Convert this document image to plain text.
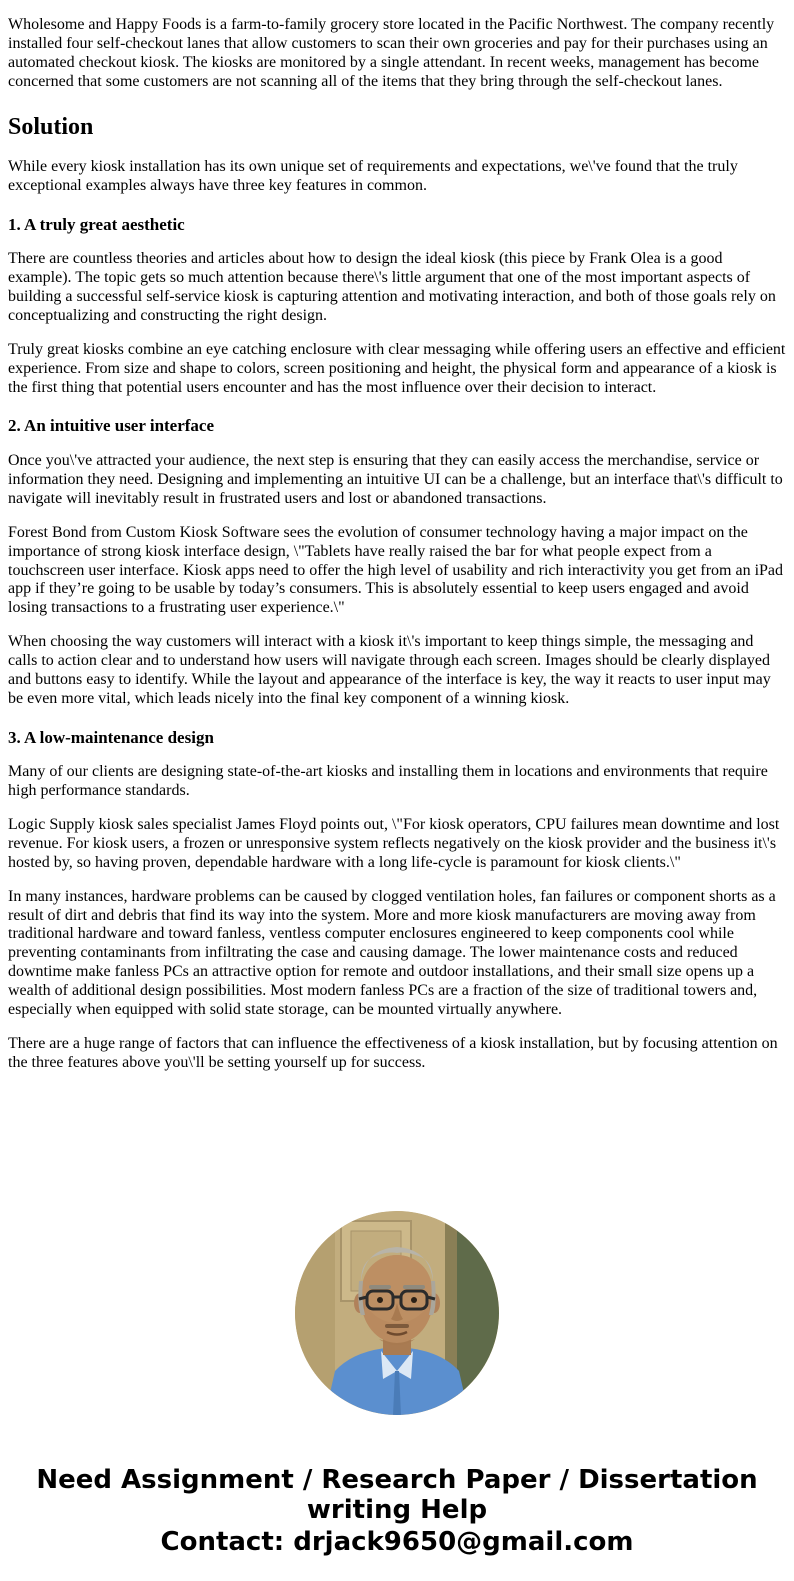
Wholesome and Happy Foods is a farm-to-family grocery store located in the Pacific Northwest. The company recently installed four self-checkout lanes that allow customers to scan their own groceries and pay for their purchases using an automated checkout kiosk. The kiosks are monitored by a single attendant. In recent weeks, management has become concerned that some customers are not scanning all of the items that they bring through the self-checkout lanes.

Solution

While every kiosk installation has its own unique set of requirements and expectations, we\'ve found that the truly exceptional examples always have three key features in common.

1. A truly great aesthetic

There are countless theories and articles about how to design the ideal kiosk (this piece by Frank Olea is a good example). The topic gets so much attention because there\'s little argument that one of the most important aspects of building a successful self-service kiosk is capturing attention and motivating interaction, and both of those goals rely on conceptualizing and constructing the right design.

Truly great kiosks combine an eye catching enclosure with clear messaging while offering users an effective and efficient experience. From size and shape to colors, screen positioning and height, the physical form and appearance of a kiosk is the first thing that potential users encounter and has the most influence over their decision to interact.

2. An intuitive user interface

Once you\'ve attracted your audience, the next step is ensuring that they can easily access the merchandise, service or information they need. Designing and implementing an intuitive UI can be a challenge, but an interface that\'s difficult to navigate will inevitably result in frustrated users and lost or abandoned transactions.

Forest Bond from Custom Kiosk Software sees the evolution of consumer technology having a major impact on the importance of strong kiosk interface design, \"Tablets have really raised the bar for what people expect from a touchscreen user interface. Kiosk apps need to offer the high level of usability and rich interactivity you get from an iPad app if they’re going to be usable by today’s consumers. This is absolutely essential to keep users engaged and avoid losing transactions to a frustrating user experience.\"

When choosing the way customers will interact with a kiosk it\'s important to keep things simple, the messaging and calls to action clear and to understand how users will navigate through each screen. Images should be clearly displayed and buttons easy to identify. While the layout and appearance of the interface is key, the way it reacts to user input may be even more vital, which leads nicely into the final key component of a winning kiosk.

3. A low-maintenance design

Many of our clients are designing state-of-the-art kiosks and installing them in locations and environments that require high performance standards.

Logic Supply kiosk sales specialist James Floyd points out, \"For kiosk operators, CPU failures mean downtime and lost revenue. For kiosk users, a frozen or unresponsive system reflects negatively on the kiosk provider and the business it\'s hosted by, so having proven, dependable hardware with a long life-cycle is paramount for kiosk clients.\"

In many instances, hardware problems can be caused by clogged ventilation holes, fan failures or component shorts as a result of dirt and debris that find its way into the system. More and more kiosk manufacturers are moving away from traditional hardware and toward fanless, ventless computer enclosures engineered to keep components cool while preventing contaminants from infiltrating the case and causing damage. The lower maintenance costs and reduced downtime make fanless PCs an attractive option for remote and outdoor installations, and their small size opens up a wealth of additional design possibilities. Most modern fanless PCs are a fraction of the size of traditional towers and, especially when equipped with solid state storage, can be mounted virtually anywhere.

There are a huge range of factors that can influence the effectiveness of a kiosk installation, but by focusing attention on the three features above you\'ll be setting yourself up for success.

Need Assignment / Research Paper / Dissertation writing Help
Contact: drjack9650@gmail.com
